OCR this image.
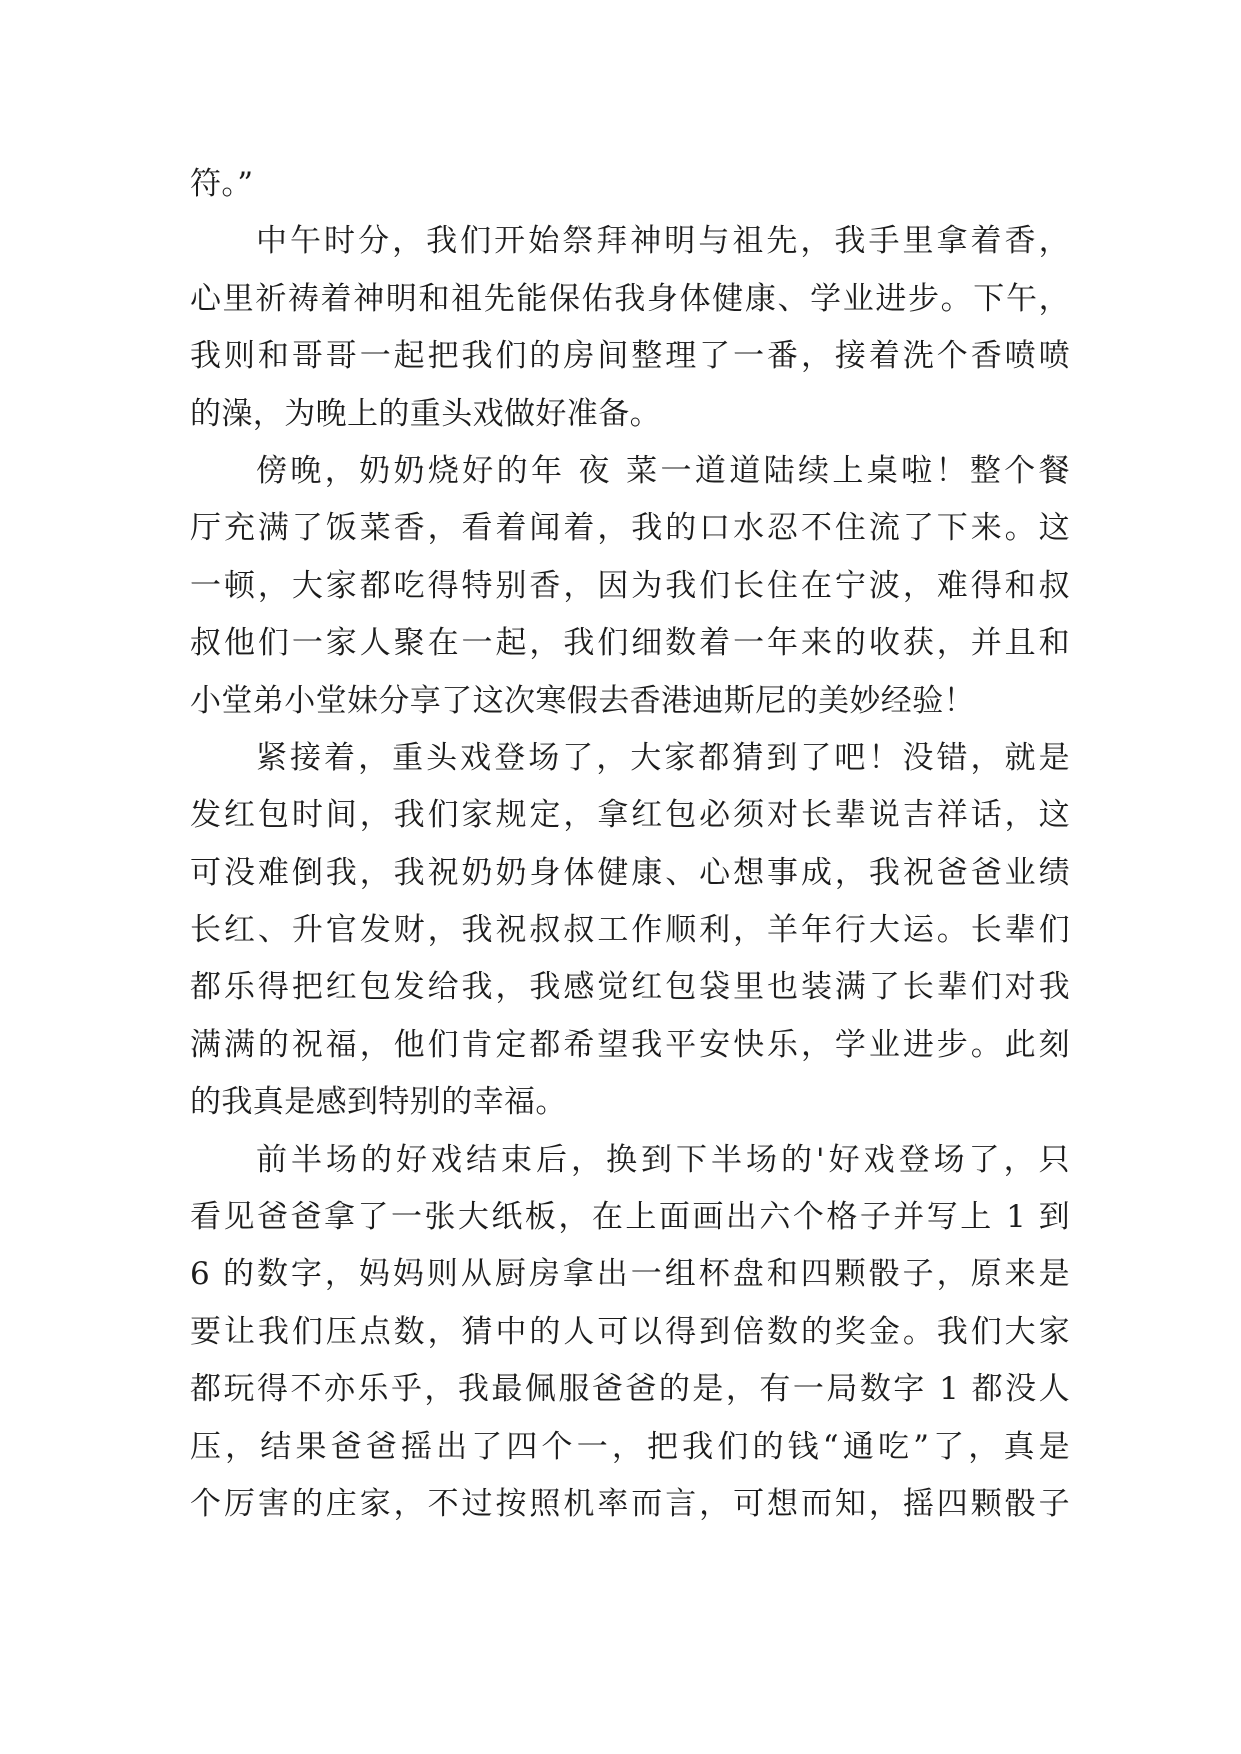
符。”
中午时分，我们开始祭拜神明与祖先，我手里拿着香，
心里祈祷着神明和祖先能保佑我身体健康、学业进步。下午，
我则和哥哥一起把我们的房间整理了一番，接着洗个香喷喷
的澡，为晚上的重头戏做好准备。
傍晚，奶奶烧好的年 夜 菜一道道陆续上桌啦！整个餐
厅充满了饭菜香，看着闻着，我的口水忍不住流了下来。这
一顿，大家都吃得特别香，因为我们长住在宁波，难得和叔
叔他们一家人聚在一起，我们细数着一年来的收获，并且和
小堂弟小堂妹分享了这次寒假去香港迪斯尼的美妙经验！
紧接着，重头戏登场了，大家都猜到了吧！没错，就是
发红包时间，我们家规定，拿红包必须对长辈说吉祥话，这
可没难倒我，我祝奶奶身体健康、心想事成，我祝爸爸业绩
长红、升官发财，我祝叔叔工作顺利，羊年行大运。长辈们
都乐得把红包发给我，我感觉红包袋里也装满了长辈们对我
满满的祝福，他们肯定都希望我平安快乐，学业进步。此刻
的我真是感到特别的幸福。
前半场的好戏结束后，换到下半场的'好戏登场了，只
看见爸爸拿了一张大纸板，在上面画出六个格子并写上 1 到
6 的数字，妈妈则从厨房拿出一组杯盘和四颗骰子，原来是
要让我们压点数，猜中的人可以得到倍数的奖金。我们大家
都玩得不亦乐乎，我最佩服爸爸的是，有一局数字 1 都没人
压，结果爸爸摇出了四个一，把我们的钱“通吃”了，真是
个厉害的庄家，不过按照机率而言，可想而知，摇四颗骰子
